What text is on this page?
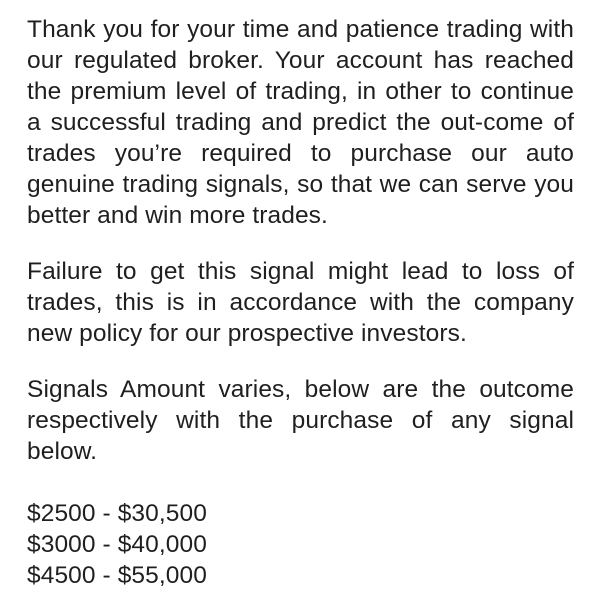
Thank you for your time and patience trading with our regulated broker. Your account has reached the premium level of trading, in other to continue a successful trading and predict the out-come of trades you’re required to purchase our auto genuine trading signals, so that we can serve you better and win more trades.

Failure to get this signal might lead to loss of trades, this is in accordance with the company new policy for our prospective investors.

Signals Amount varies, below are the outcome respectively with the purchase of any signal below.

$2500 - $30,500
$3000 - $40,000
$4500 - $55,000
